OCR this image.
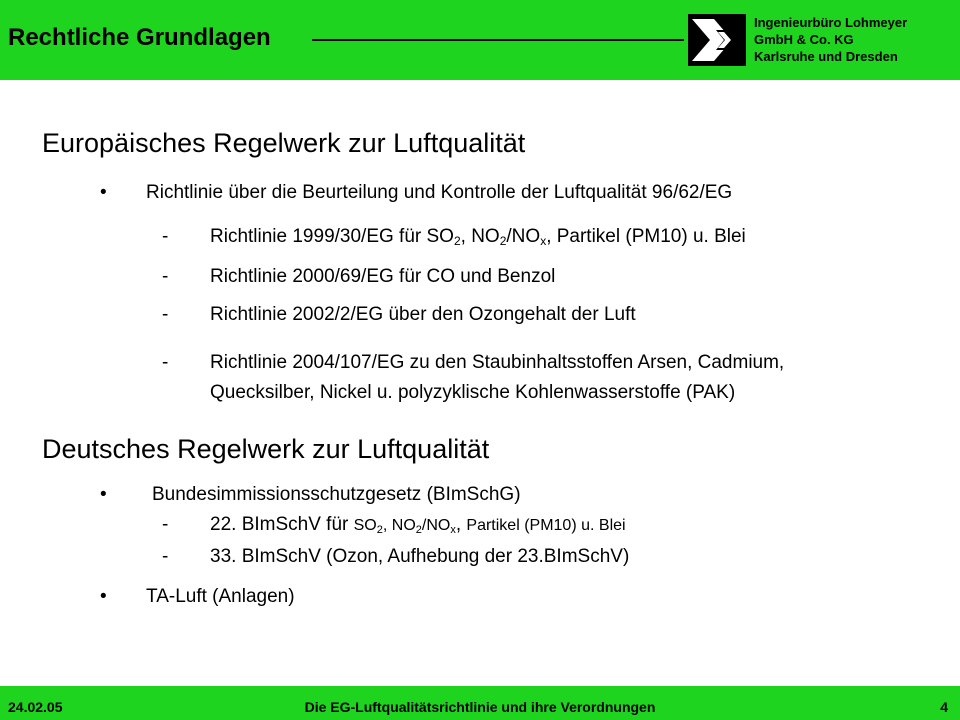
Rechtliche Grundlagen
Ingenieurbüro Lohmeyer
GmbH & Co. KG
Karlsruhe und Dresden
Europäisches Regelwerk zur Luftqualität
• Richtlinie über die Beurteilung und Kontrolle der Luftqualität 96/62/EG
- Richtlinie 1999/30/EG für $SO_2$, $NO_2/NO_x$, Partikel (PM10) u. Blei
- Richtlinie 2000/69/EG für CO und Benzol
- Richtlinie 2002/2/EG über den Ozongehalt der Luft
- Richtlinie 2004/107/EG zu den Staubinhaltsstoffen Arsen, Cadmium,
Quecksilber, Nickel u. polyzyklische Kohlenwasserstoffe (PAK)
Deutsches Regelwerk zur Luftqualität
• Bundesimmissionsschutzgesetz (BImSchG)
- 22. BImSchV für $SO_2$, $NO_2/NO_x$, Partikel (PM10) u. Blei
- 33. BImSchV (Ozon, Aufhebung der 23.BImSchV)
• TA-Luft (Anlagen)
24.02.05	Die EG-Luftqualitätsrichtlinie und ihre Verordnungen	4
